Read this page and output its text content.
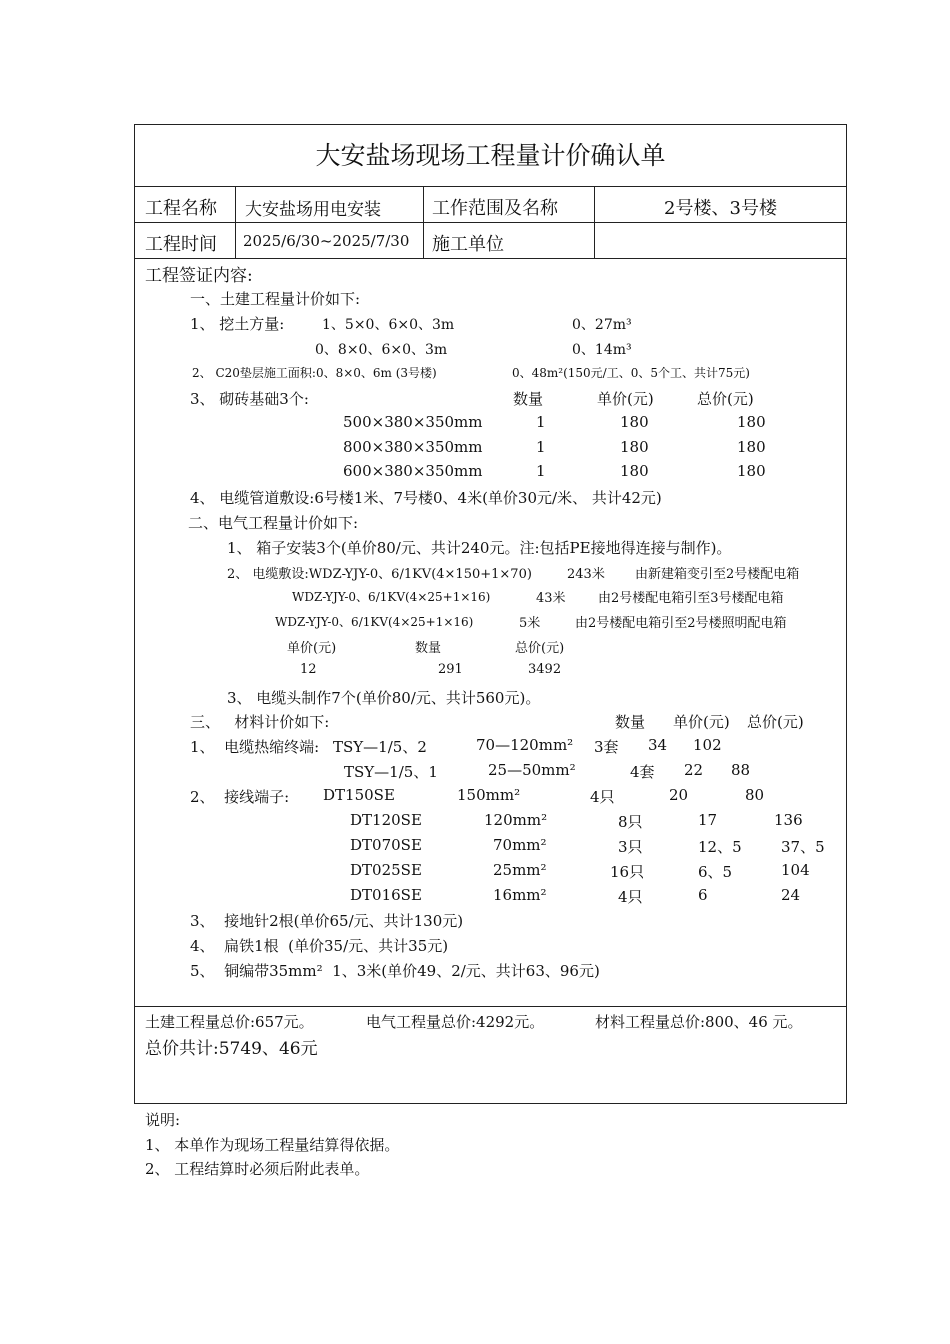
大安盐场现场工程量计价确认单
工程名称 大安盐场用电安装	工作范围及名称	2号楼、3号楼
工程时间 2025/6/30~2025/7/30 施工单位
工程签证内容:
一、土建工程量计价如下:
1、 挖土方量:	1、5×0、6×0、3m	0、27m³
0、8×0、6×0、3m	0、14m³
2、 C20垫层施工面积:0、8×0、6m (3号楼)	0、48m²(150元/工、0、5个工、共计75元)
3、 砌砖基础3个:	数量	单价(元)	总价(元)
500×380×350mm	1	180	180
800×380×350mm	1	180	180
600×380×350mm	1	180	180
4、 电缆管道敷设:6号楼1米、7号楼0、4米(单价30元/米、 共计42元)
二、电气工程量计价如下:
1、 箱子安装3个(单价80/元、共计240元。注:包括PE接地得连接与制作)。
2、 电缆敷设:WDZ-YJY-0、6/1KV(4×150+1×70)	243米 由新建箱变引至2号楼配电箱
WDZ-YJY-0、6/1KV(4×25+1×16)	43米 由2号楼配电箱引至3号楼配电箱
WDZ-YJY-0、6/1KV(4×25+1×16)	5米	由2号楼配电箱引至2号楼照明配电箱
单价(元)	数量	总价(元)
12	291	3492
3、 电缆头制作7个(单价80/元、共计560元)。
三、   材料计价如下:	数量 单价(元) 总价(元)
1、  电缆热缩终端: TSY—1/5、2	70—120mm² 3套 34 102
TSY—1/5、1	25—50mm²	4套 22 88
2、  接线端子: DT150SE	150mm²	4只	20	80
DT120SE	120mm²	8只	17	136
DT070SE	70mm²	3只	12、5	37、5
DT025SE	25mm²	16只	6、5	104
DT016SE	16mm²	4只	6	24
3、  接地针2根(单价65/元、共计130元)
4、  扁铁1根  (单价35/元、共计35元)
5、  铜编带35mm²  1、3米(单价49、2/元、共计63、96元)
土建工程量总价:657元。	电气工程量总价:4292元。	材料工程量总价:800、46 元。
总价共计:5749、46元
说明:
1、 本单作为现场工程量结算得依据。
2、 工程结算时必须后附此表单。
